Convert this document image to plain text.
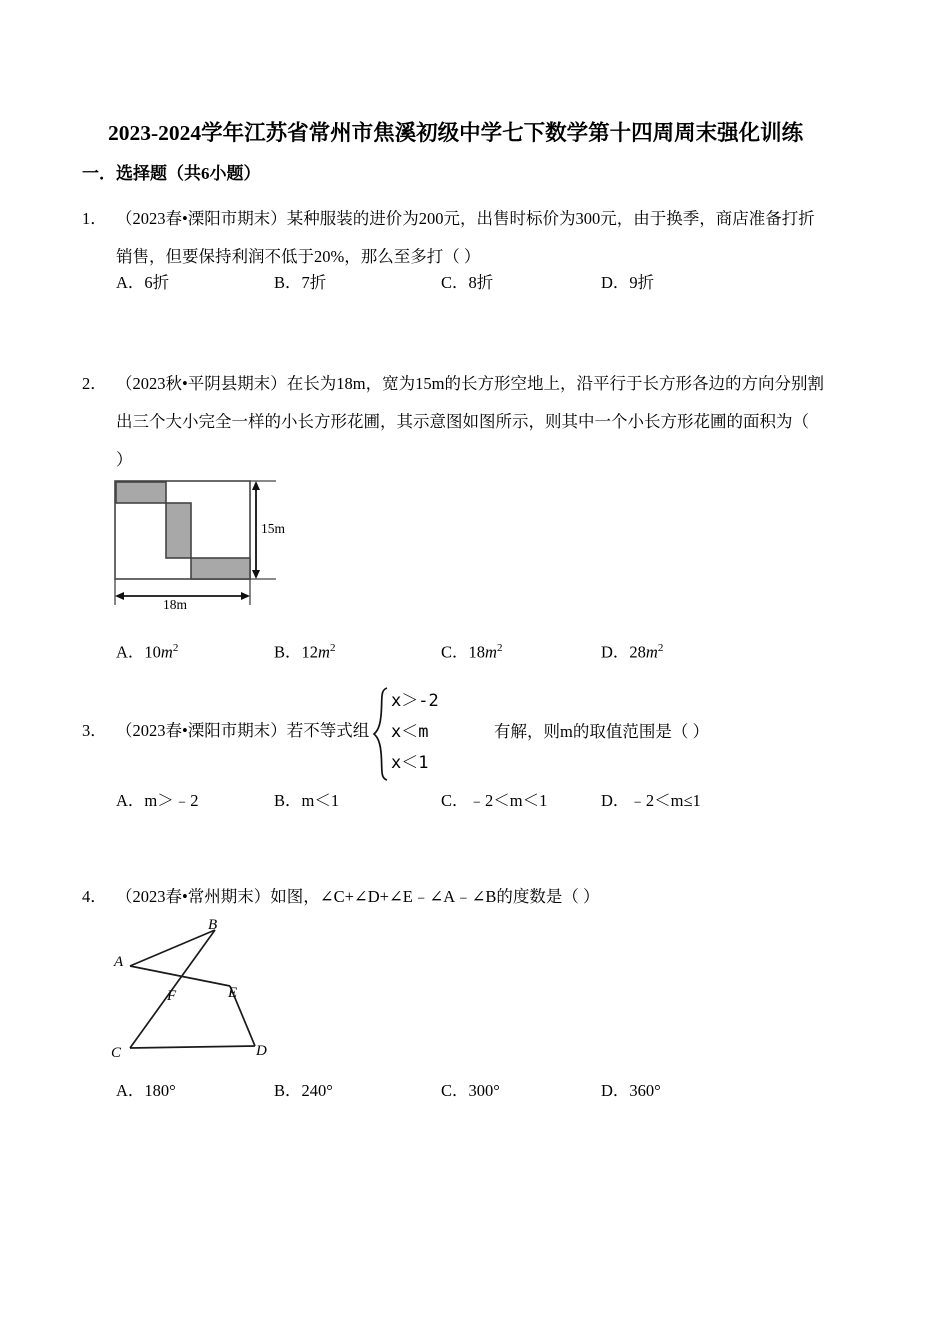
2023-2024学年江苏省常州市焦溪初级中学七下数学第十四周周末强化训练
一．选择题（共6小题）
1． （2023春•溧阳市期末）某种服装的进价为200元，出售时标价为300元，由于换季，商店准备打折
销售，但要保持利润不低于20%，那么至多打（ ）
A．6折	B．7折	C．8折	D．9折
2． （2023秋•平阴县期末）在长为18m，宽为15m的长方形空地上，沿平行于长方形各边的方向分别割
出三个大小完全一样的小长方形花圃，其示意图如图所示，则其中一个小长方形花圃的面积为（
）
15m
18m
A．$10m^2$	B．$12m^2$	C．$18m^2$	D．$28m^2$
3． （2023春•溧阳市期末）若不等式组
x＞-2
x＜m
x＜1
有解，则m的取值范围是（ ）
A．m＞﹣2	B．m＜1	C．﹣2＜m＜1	D．﹣2＜m≤1
4． （2023春•常州期末）如图，∠C+∠D+∠E﹣∠A﹣∠B的度数是（ ）
B
A
F	E
C	D
A．180°	B．240°	C．300°	D．360°
